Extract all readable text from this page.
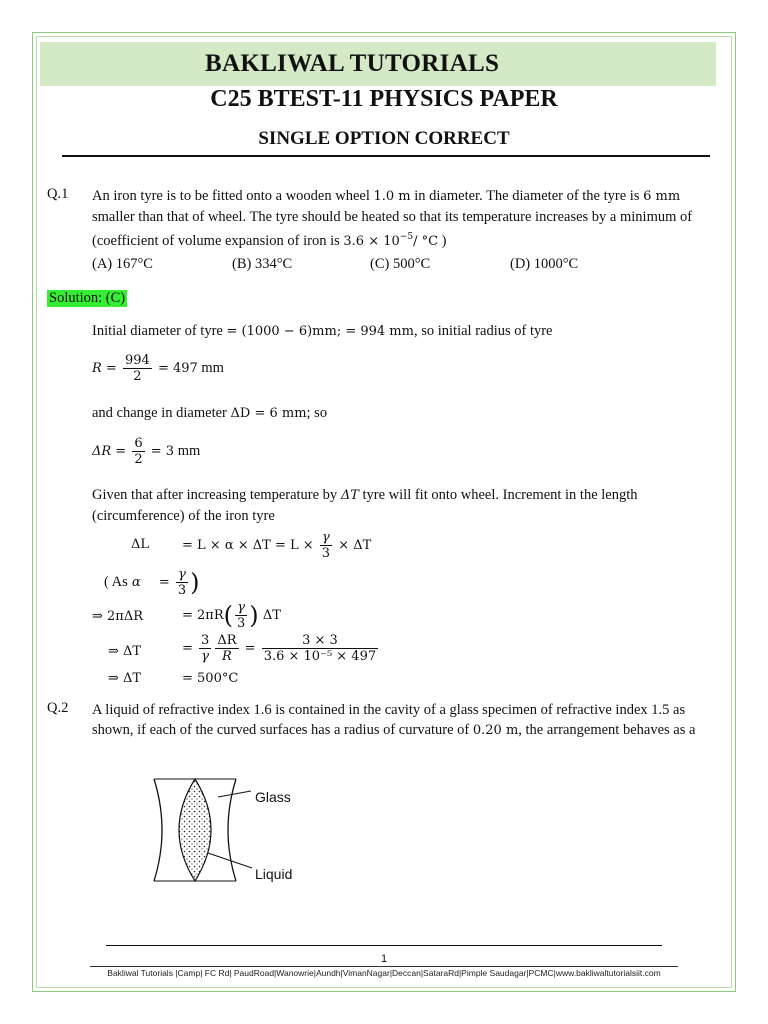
BAKLIWAL TUTORIALS
C25 BTEST-11 PHYSICS PAPER
SINGLE OPTION CORRECT
Q.1 An iron tyre is to be fitted onto a wooden wheel 1.0 m in diameter. The diameter of the tyre is 6 mm smaller than that of wheel. The tyre should be heated so that its temperature increases by a minimum of (coefficient of volume expansion of iron is $3.6 \times 10^{-5}/$ °C )
(A) 167°C	(B) 334°C	(C) 500°C	(D) 1000°C
Solution: (C)
Initial diameter of tyre = (1000 − 6)mm; = 994 mm, so initial radius of tyre
$R = \frac{994}{2} = 497$ mm
and change in diameter ΔD = 6 mm; so
$\Delta R = \frac{6}{2} = 3$ mm
Given that after increasing temperature by ΔT tyre will fit onto wheel. Increment in the length (circumference) of the iron tyre
ΔL	= $L \times \alpha \times \Delta T = L \times \frac{\gamma}{3} \times \Delta T$
( As $\alpha = \frac{\gamma}{3}$ )
⇒ 2πΔR	= $2\pi R( \frac{\gamma}{3}$ ) ΔT
⇒ ΔT	= $\frac{3}{\gamma} \frac{\Delta R}{R} = \frac{3 \times 3}{\text{3.6 × 10⁻⁵ × 497}}$
⇒ ΔT	= 500°C
Q.2 A liquid of refractive index 1.6 is contained in the cavity of a glass specimen of refractive index 1.5 as shown, if each of the curved surfaces has a radius of curvature of 0.20 m, the arrangement behaves as a
Glass
Liquid
1
Bakliwal Tutorials |Camp| FC Rd| PaudRoad|Wanowrie|Aundh|VimanNagar|Deccan|SataraRd|Pimple Saudagar|PCMC|www.bakliwaltutorialsiit.com
